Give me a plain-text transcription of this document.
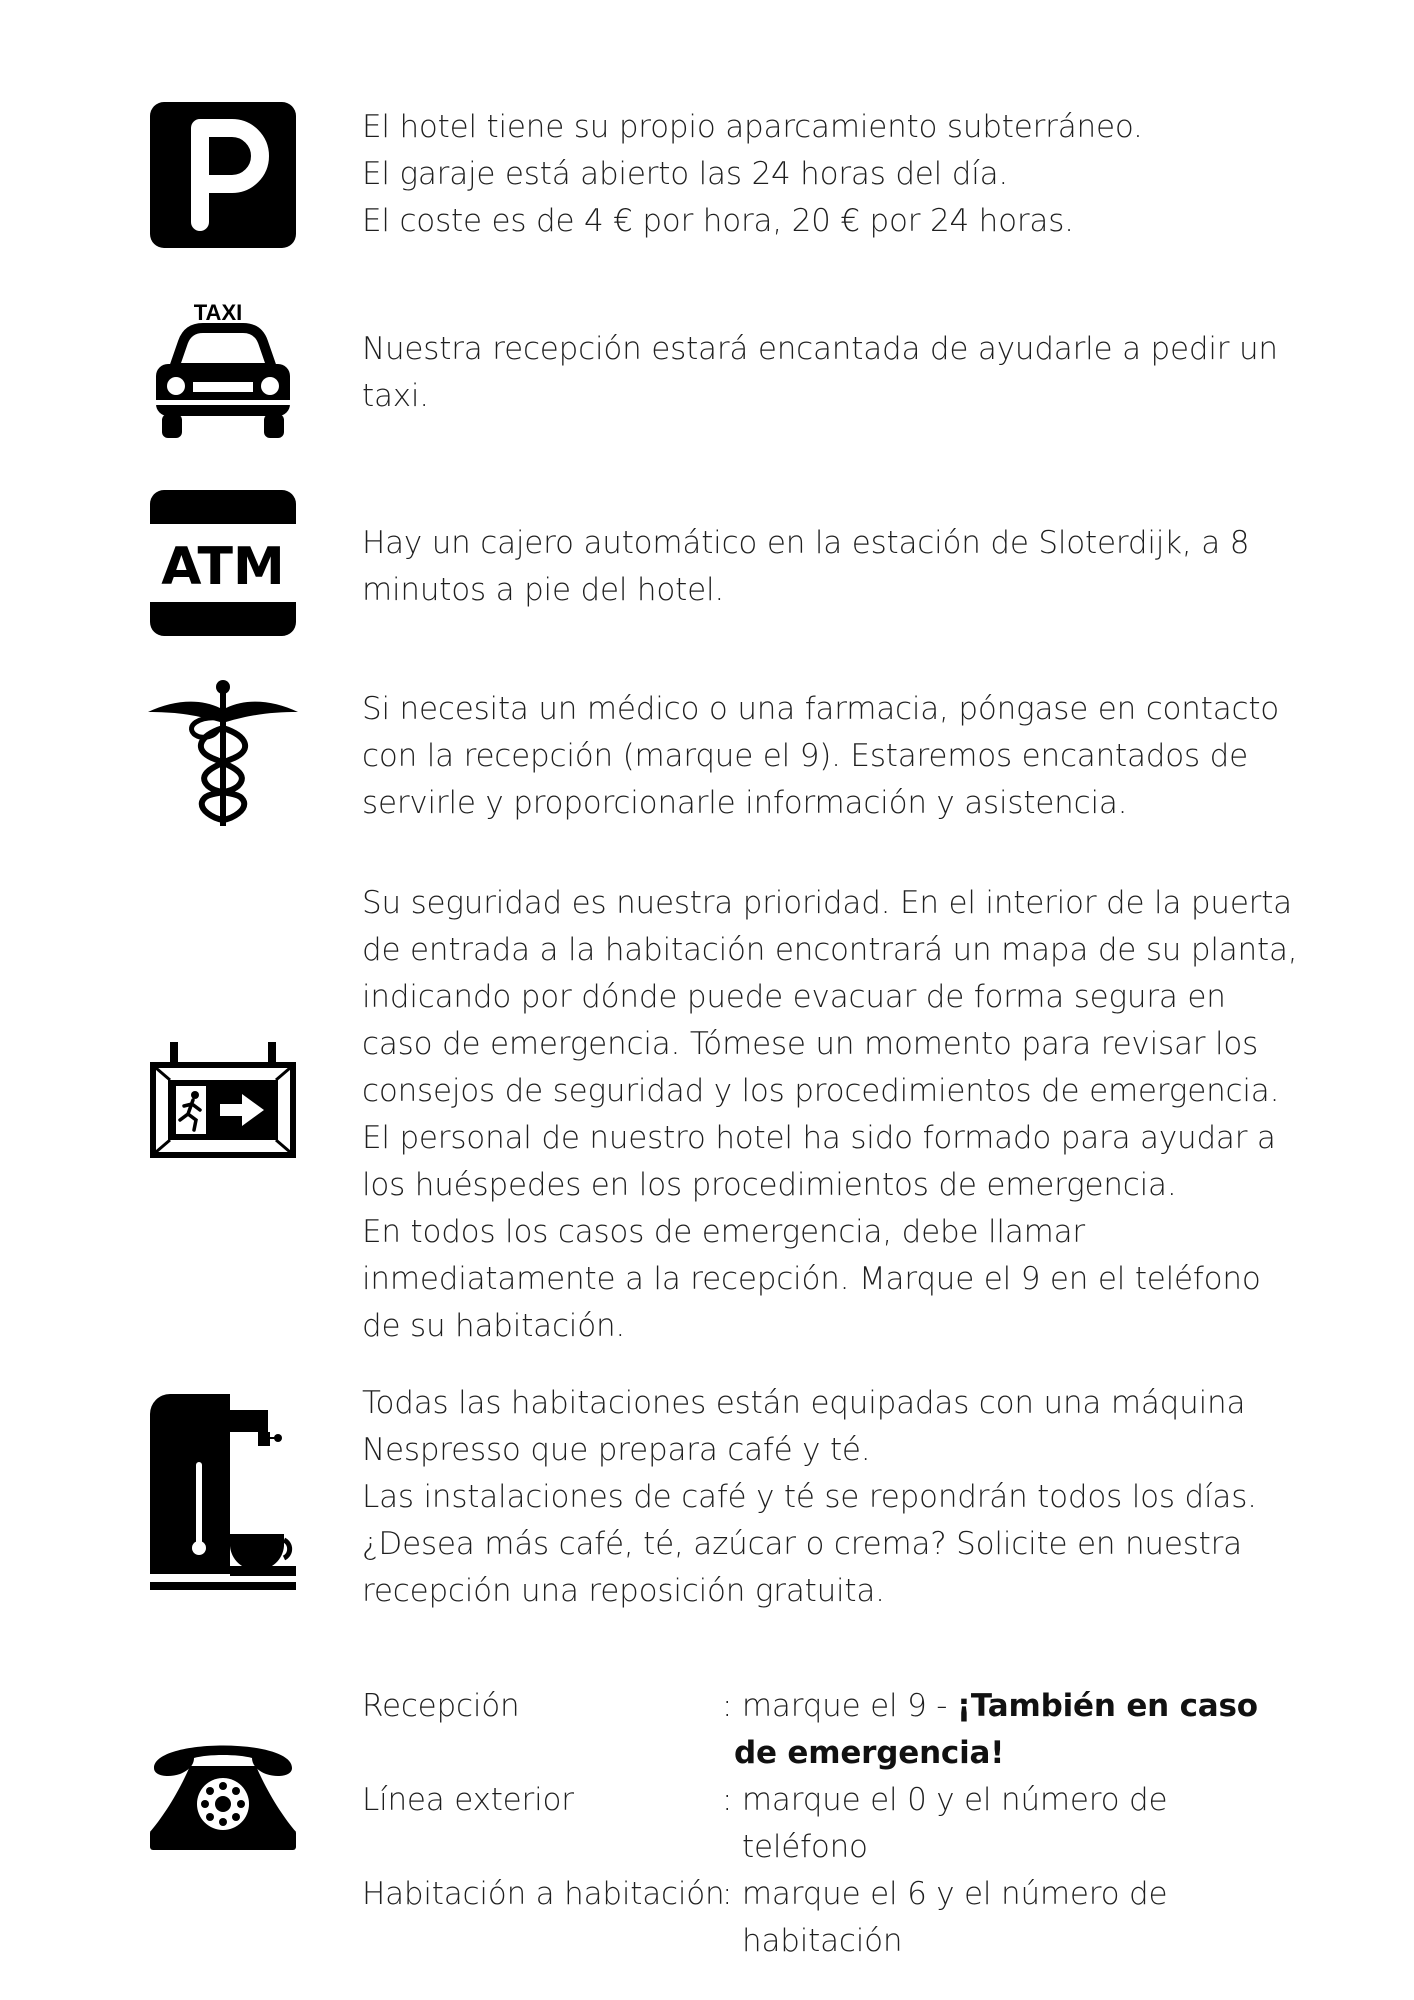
El hotel tiene su propio aparcamiento subterráneo.
El garaje está abierto las 24 horas del día.
El coste es de 4 € por hora, 20 € por 24 horas.
TAXI
Nuestra recepción estará encantada de ayudarle a pedir un
taxi.
ATM Hay un cajero automático en la estación de Sloterdijk, a 8
minutos a pie del hotel.
Si necesita un médico o una farmacia, póngase en contacto
con la recepción (marque el 9). Estaremos encantados de
servirle y proporcionarle información y asistencia.
Su seguridad es nuestra prioridad. En el interior de la puerta
de entrada a la habitación encontrará un mapa de su planta,
indicando por dónde puede evacuar de forma segura en
caso de emergencia. Tómese un momento para revisar los
consejos de seguridad y los procedimientos de emergencia.
El personal de nuestro hotel ha sido formado para ayudar a
los huéspedes en los procedimientos de emergencia.
En todos los casos de emergencia, debe llamar
inmediatamente a la recepción. Marque el 9 en el teléfono
de su habitación.
Todas las habitaciones están equipadas con una máquina
Nespresso que prepara café y té.
Las instalaciones de café y té se repondrán todos los días.
¿Desea más café, té, azúcar o crema? Solicite en nuestra
recepción una reposición gratuita.
Recepción	: marque el 9 - ¡También en caso
de emergencia!
Línea exterior	: marque el 0 y el número de
teléfono
Habitación a habitación
: marque el 6 y el número de
habitación
